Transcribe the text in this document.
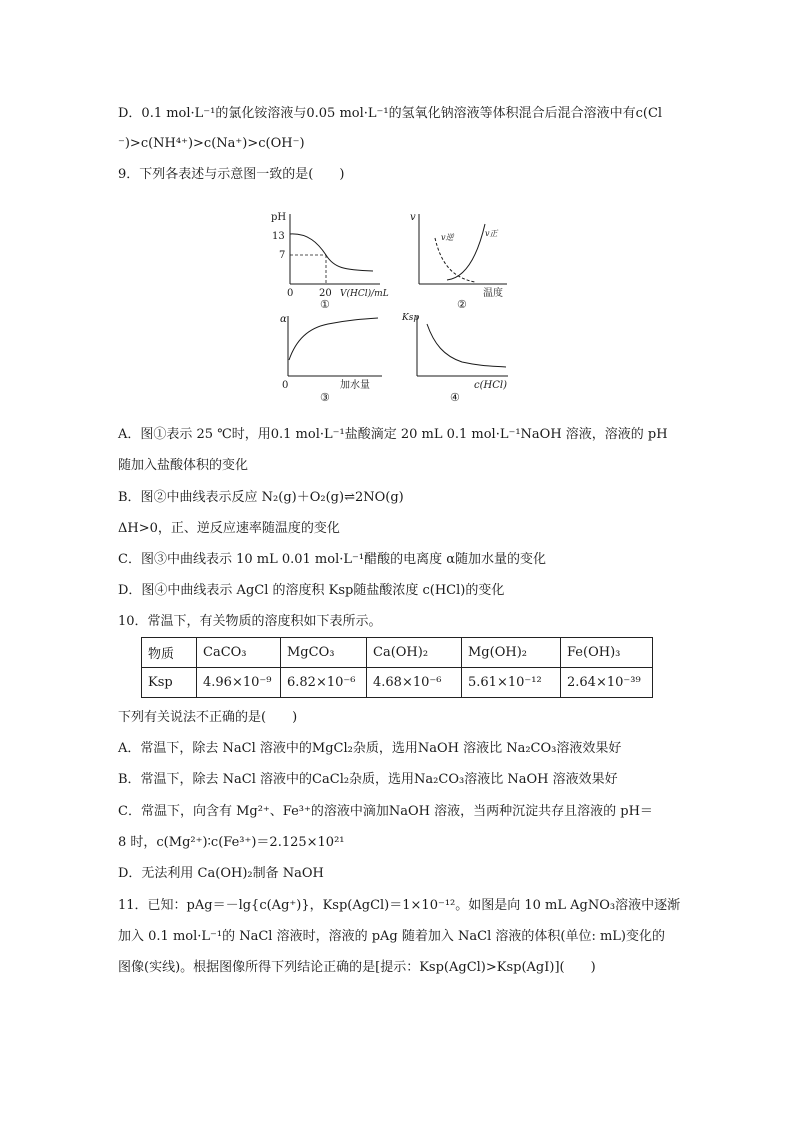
D．0.1 mol·L⁻¹的氯化铵溶液与0.05 mol·L⁻¹的氢氧化钠溶液等体积混合后混合溶液中有c(Cl
⁻)>c(NH⁴⁺)>c(Na⁺)>c(OH⁻)
9．下列各表述与示意图一致的是(　　)
pH
13
7
0	20 V(HCl)/mL
①
v
v逆	v正
温度
②
α
0	加水量
③
Ksp
c(HCl)
④
A．图①表示 25 ℃时，用0.1 mol·L⁻¹盐酸滴定 20 mL 0.1 mol·L⁻¹NaOH 溶液，溶液的 pH
随加入盐酸体积的变化
B．图②中曲线表示反应 N₂(g)＋O₂(g)⇌2NO(g)
ΔH>0，正、逆反应速率随温度的变化
C．图③中曲线表示 10 mL 0.01 mol·L⁻¹醋酸的电离度 α随加水量的变化
D．图④中曲线表示 AgCl 的溶度积 Ksp随盐酸浓度 c(HCl)的变化
10．常温下，有关物质的溶度积如下表所示。
物质	CaCO₃	MgCO₃	Ca(OH)₂	Mg(OH)₂	Fe(OH)₃
Ksp	4.96×10⁻⁹	6.82×10⁻⁶	4.68×10⁻⁶	5.61×10⁻¹²	2.64×10⁻³⁹
下列有关说法不正确的是(　　)
A．常温下，除去 NaCl 溶液中的MgCl₂杂质，选用NaOH 溶液比 Na₂CO₃溶液效果好
B．常温下，除去 NaCl 溶液中的CaCl₂杂质，选用Na₂CO₃溶液比 NaOH 溶液效果好
C．常温下，向含有 Mg²⁺、Fe³⁺的溶液中滴加NaOH 溶液，当两种沉淀共存且溶液的 pH＝
8 时，c(Mg²⁺)∶c(Fe³⁺)＝2.125×10²¹
D．无法利用 Ca(OH)₂制备 NaOH
11．已知：pAg＝－lg{c(Ag⁺)}，Ksp(AgCl)＝1×10⁻¹²。如图是向 10 mL AgNO₃溶液中逐渐
加入 0.1 mol·L⁻¹的 NaCl 溶液时，溶液的 pAg 随着加入 NaCl 溶液的体积(单位: mL)变化的
图像(实线)。根据图像所得下列结论正确的是[提示：Ksp(AgCl)>Ksp(AgI)](　　)
